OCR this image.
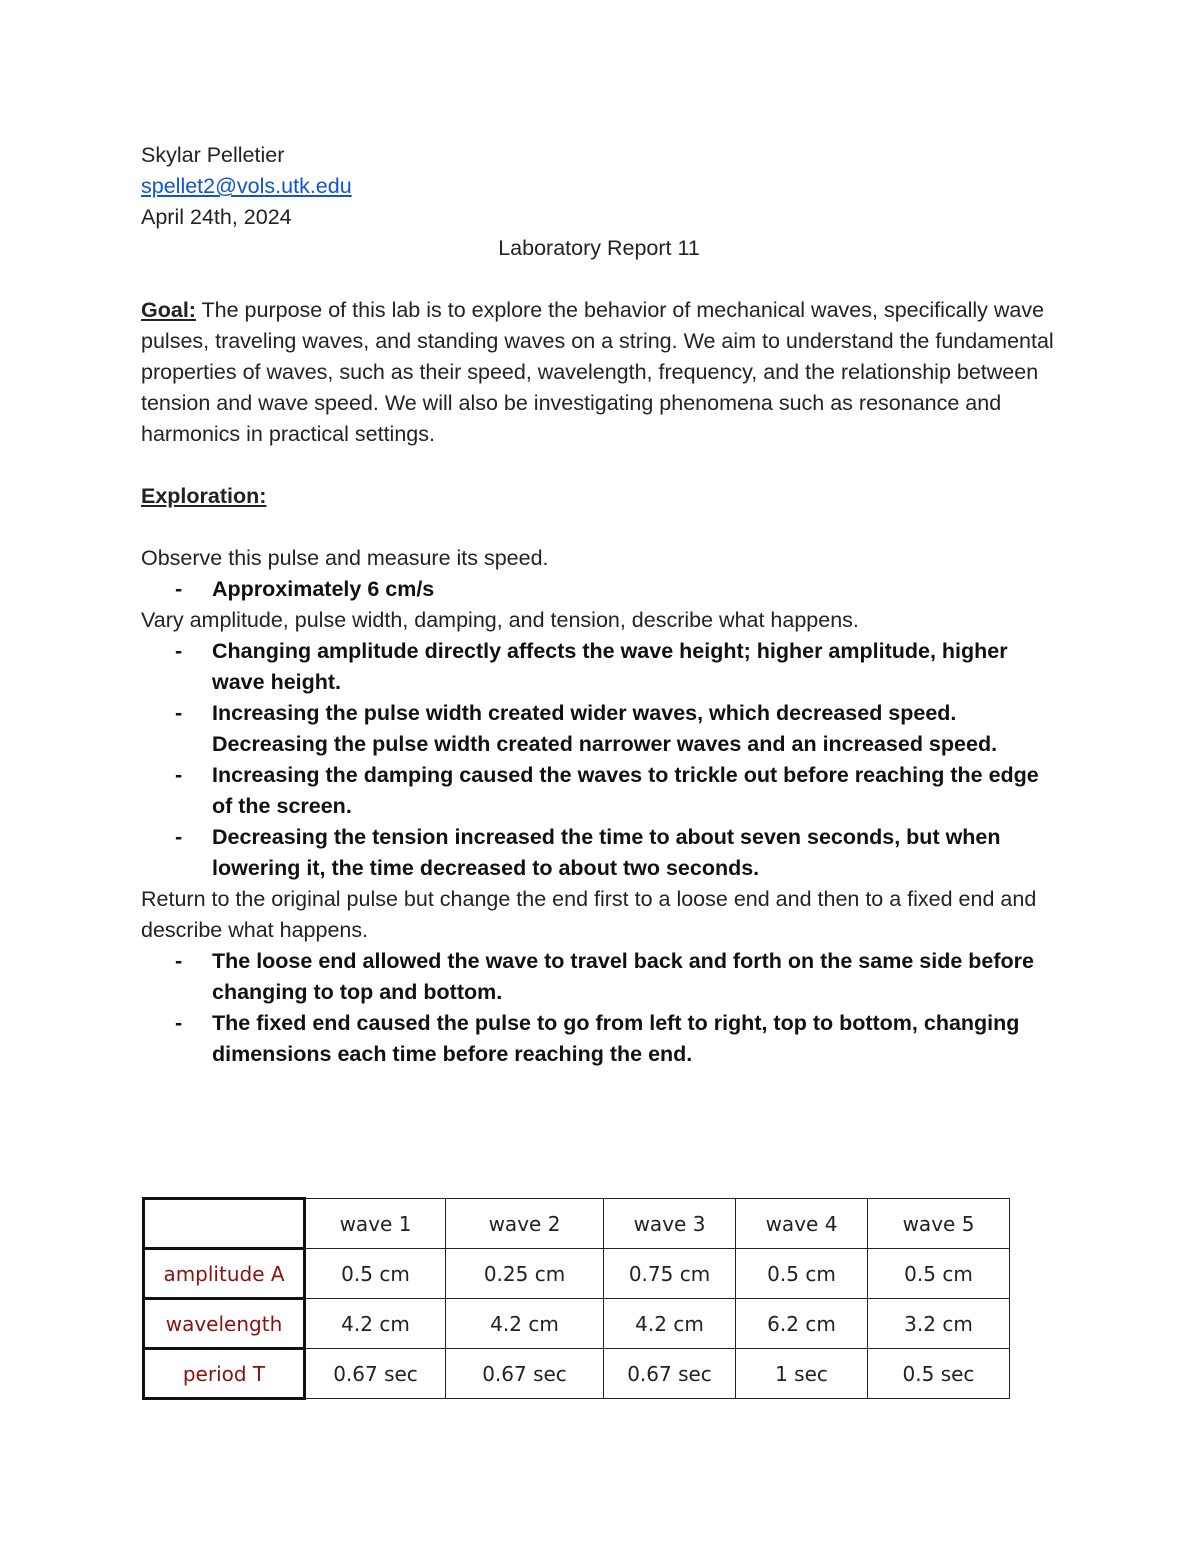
Skylar Pelletier
spellet2@vols.utk.edu
April 24th, 2024
Laboratory Report 11
Goal: The purpose of this lab is to explore the behavior of mechanical waves, specifically wave pulses, traveling waves, and standing waves on a string. We aim to understand the fundamental properties of waves, such as their speed, wavelength, frequency, and the relationship between tension and wave speed. We will also be investigating phenomena such as resonance and harmonics in practical settings.
Exploration:
Observe this pulse and measure its speed.
- Approximately 6 cm/s
Vary amplitude, pulse width, damping, and tension, describe what happens.
- Changing amplitude directly affects the wave height; higher amplitude, higher wave height.
- Increasing the pulse width created wider waves, which decreased speed. Decreasing the pulse width created narrower waves and an increased speed.
- Increasing the damping caused the waves to trickle out before reaching the edge of the screen.
- Decreasing the tension increased the time to about seven seconds, but when lowering it, the time decreased to about two seconds.
Return to the original pulse but change the end first to a loose end and then to a fixed end and describe what happens.
- The loose end allowed the wave to travel back and forth on the same side before changing to top and bottom.
- The fixed end caused the pulse to go from left to right, top to bottom, changing dimensions each time before reaching the end.
	wave 1	wave 2	wave 3	wave 4	wave 5
amplitude A	0.5 cm	0.25 cm	0.75 cm	0.5 cm	0.5 cm
wavelength	4.2 cm	4.2 cm	4.2 cm	6.2 cm	3.2 cm
period T	0.67 sec	0.67 sec	0.67 sec	1 sec	0.5 sec
